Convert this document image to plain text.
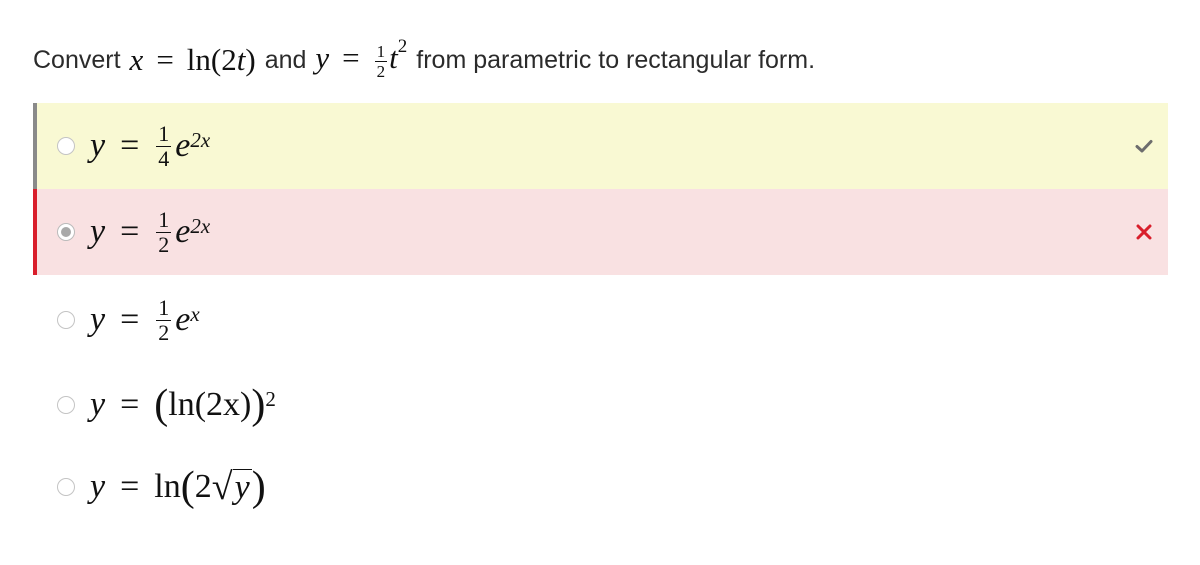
Convert x = ln(2t) and $y = \frac{1}{2} t^2$ from parametric to rectangular form.
$y = \frac{1}{4} e^{2x}$
$y = \frac{1}{2} e^{2x}$
$y = \frac{1}{2} e^x$
y = ( ln (2x) )$^2$
y = ln ( 2 √ y )
